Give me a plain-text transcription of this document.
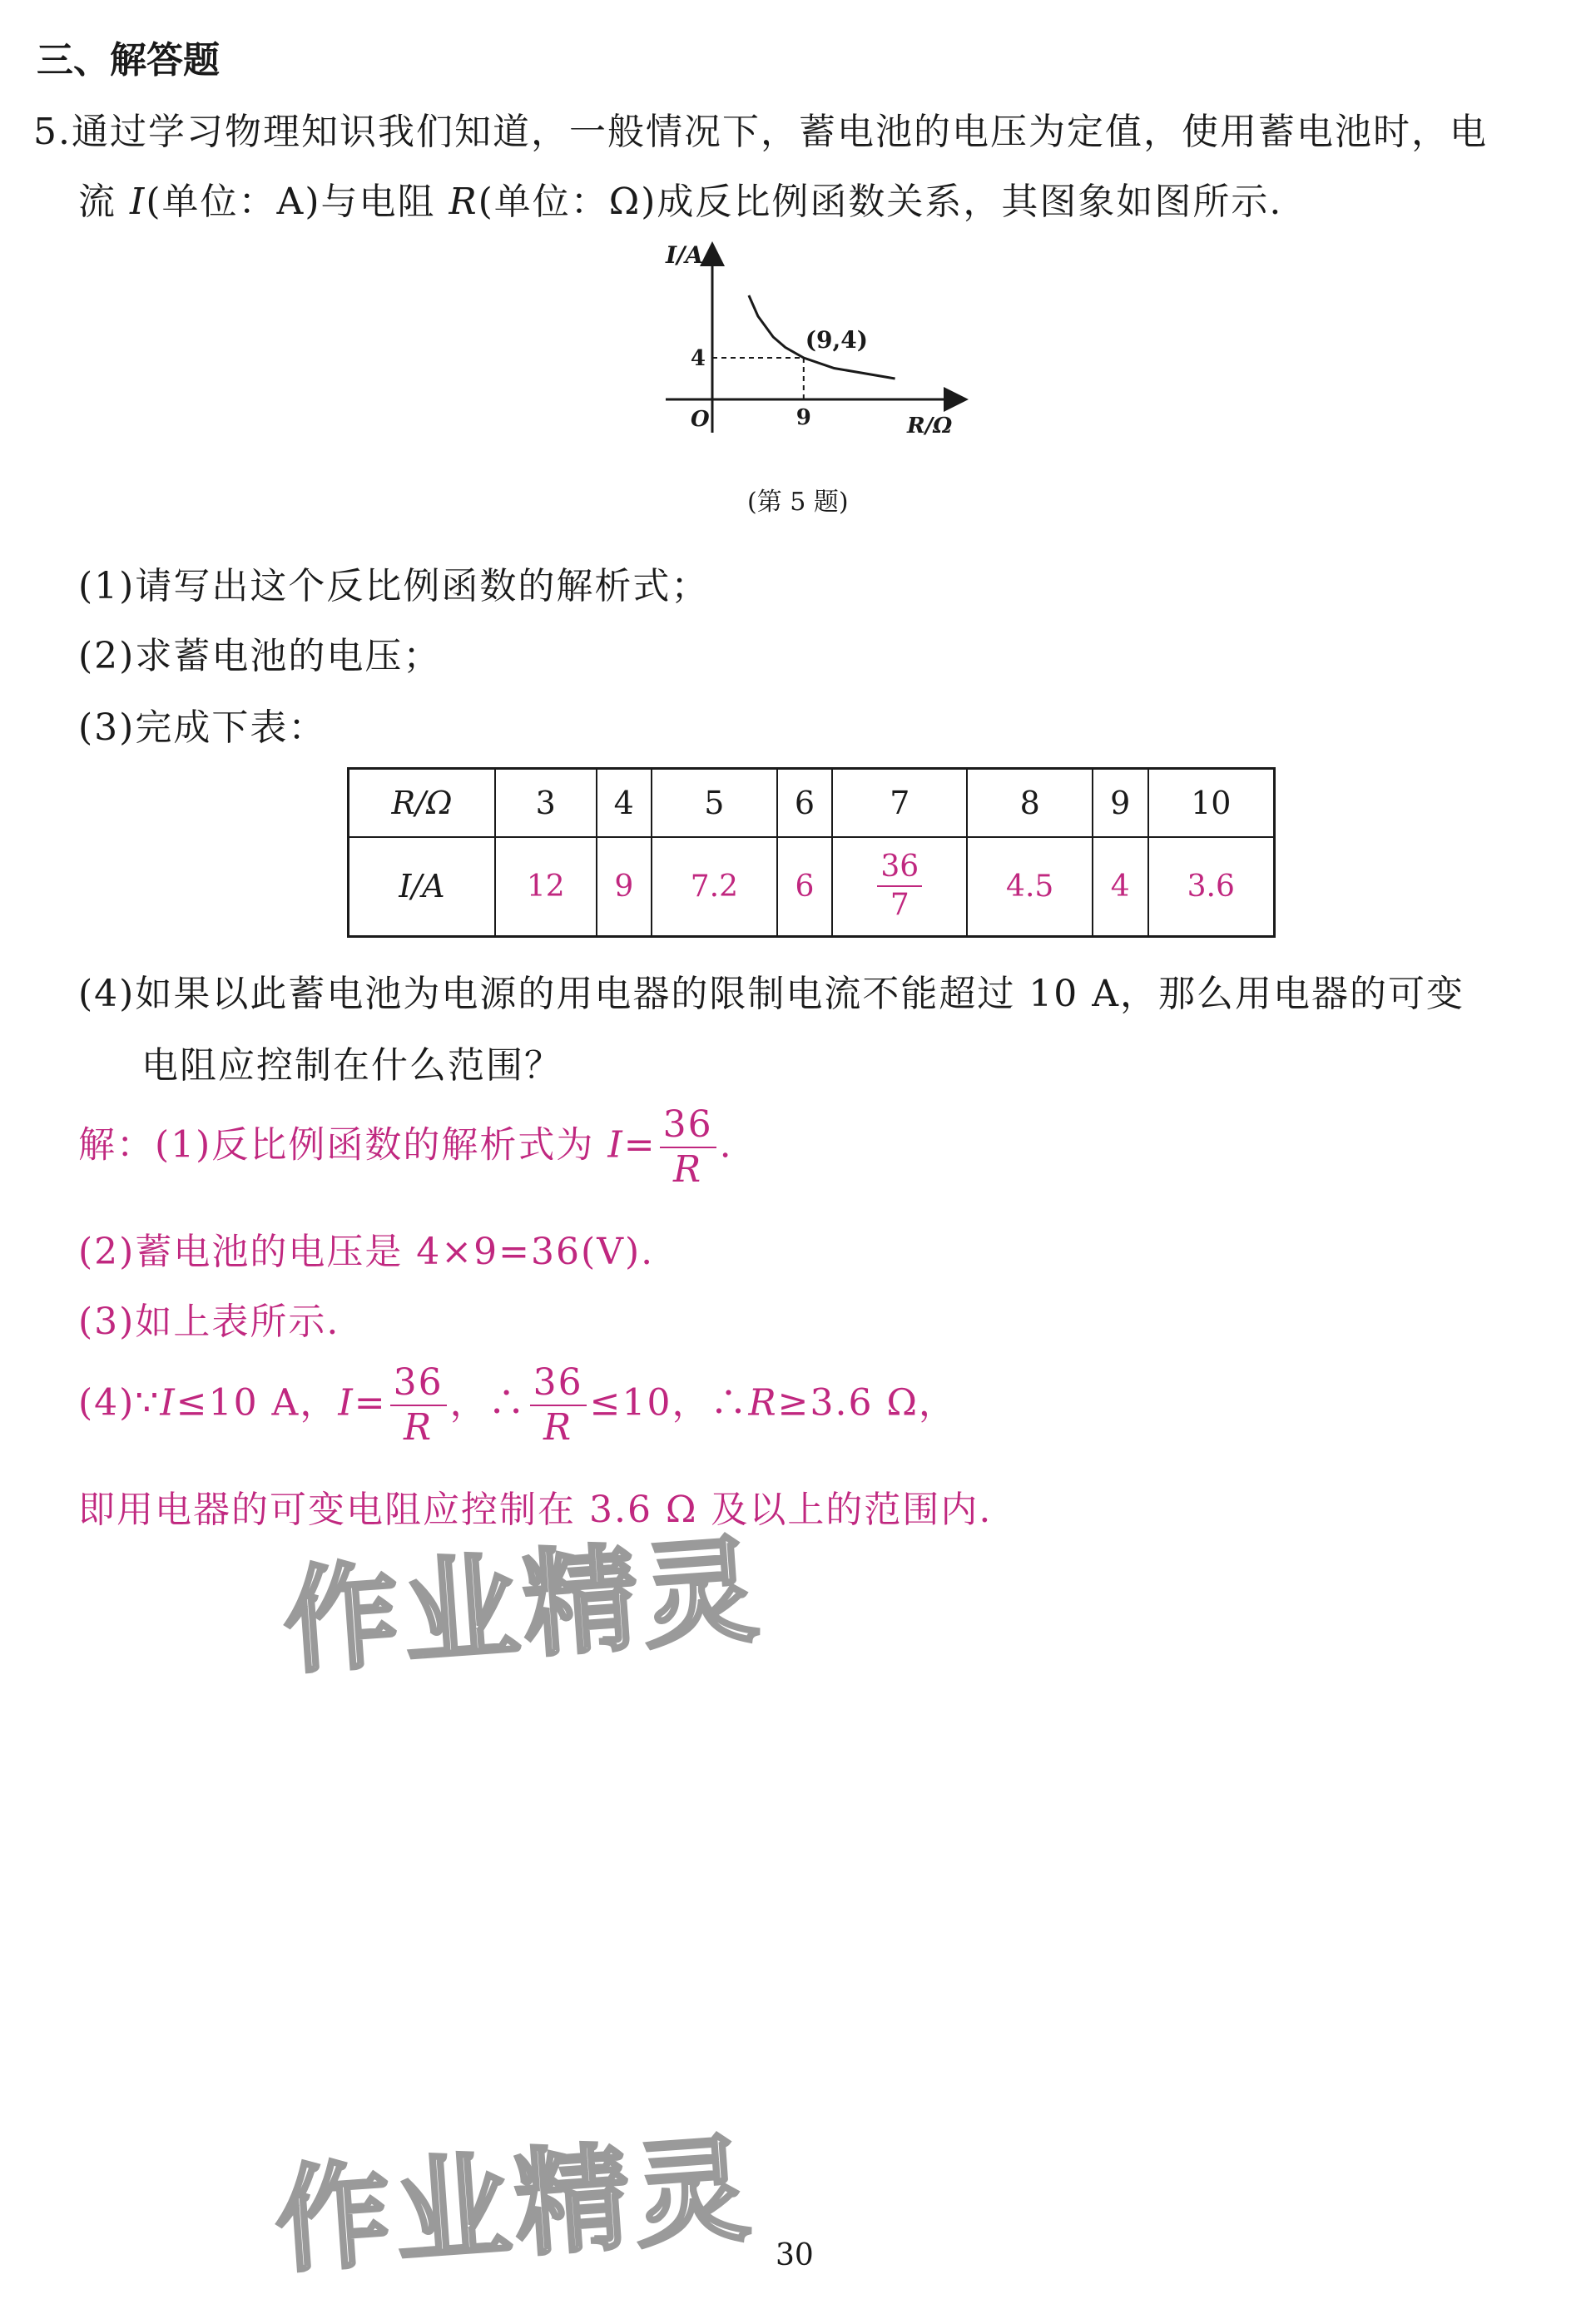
三、解答题
5.通过学习物理知识我们知道，一般情况下，蓄电池的电压为定值，使用蓄电池时，电
流 I(单位：A)与电阻 R(单位：Ω)成反比例函数关系，其图象如图所示.
I/A
R/Ω
O	9
4
(9,4)
(第 5 题)
(1)请写出这个反比例函数的解析式；
(2)求蓄电池的电压；
(3)完成下表：
R/Ω	3	4	5	6	7	8	9	10
I/A	12	9	7.2	6	$\frac{36}{7}$	4.5	4	3.6
(4)如果以此蓄电池为电源的用电器的限制电流不能超过 10 A，那么用电器的可变
电阻应控制在什么范围？
解：(1)反比例函数的解析式为 $I= \frac{36}{R}$ .
(2)蓄电池的电压是 4×9=36(V).
(3)如上表所示.
(4)∵I≤10 A，$I= \frac{36}{R}$ ，∴ $\frac{36}{R} \le 10$，∴R≥3.6 Ω，
即用电器的可变电阻应控制在 3.6 Ω 及以上的范围内.
作业精灵
作业精灵 30
